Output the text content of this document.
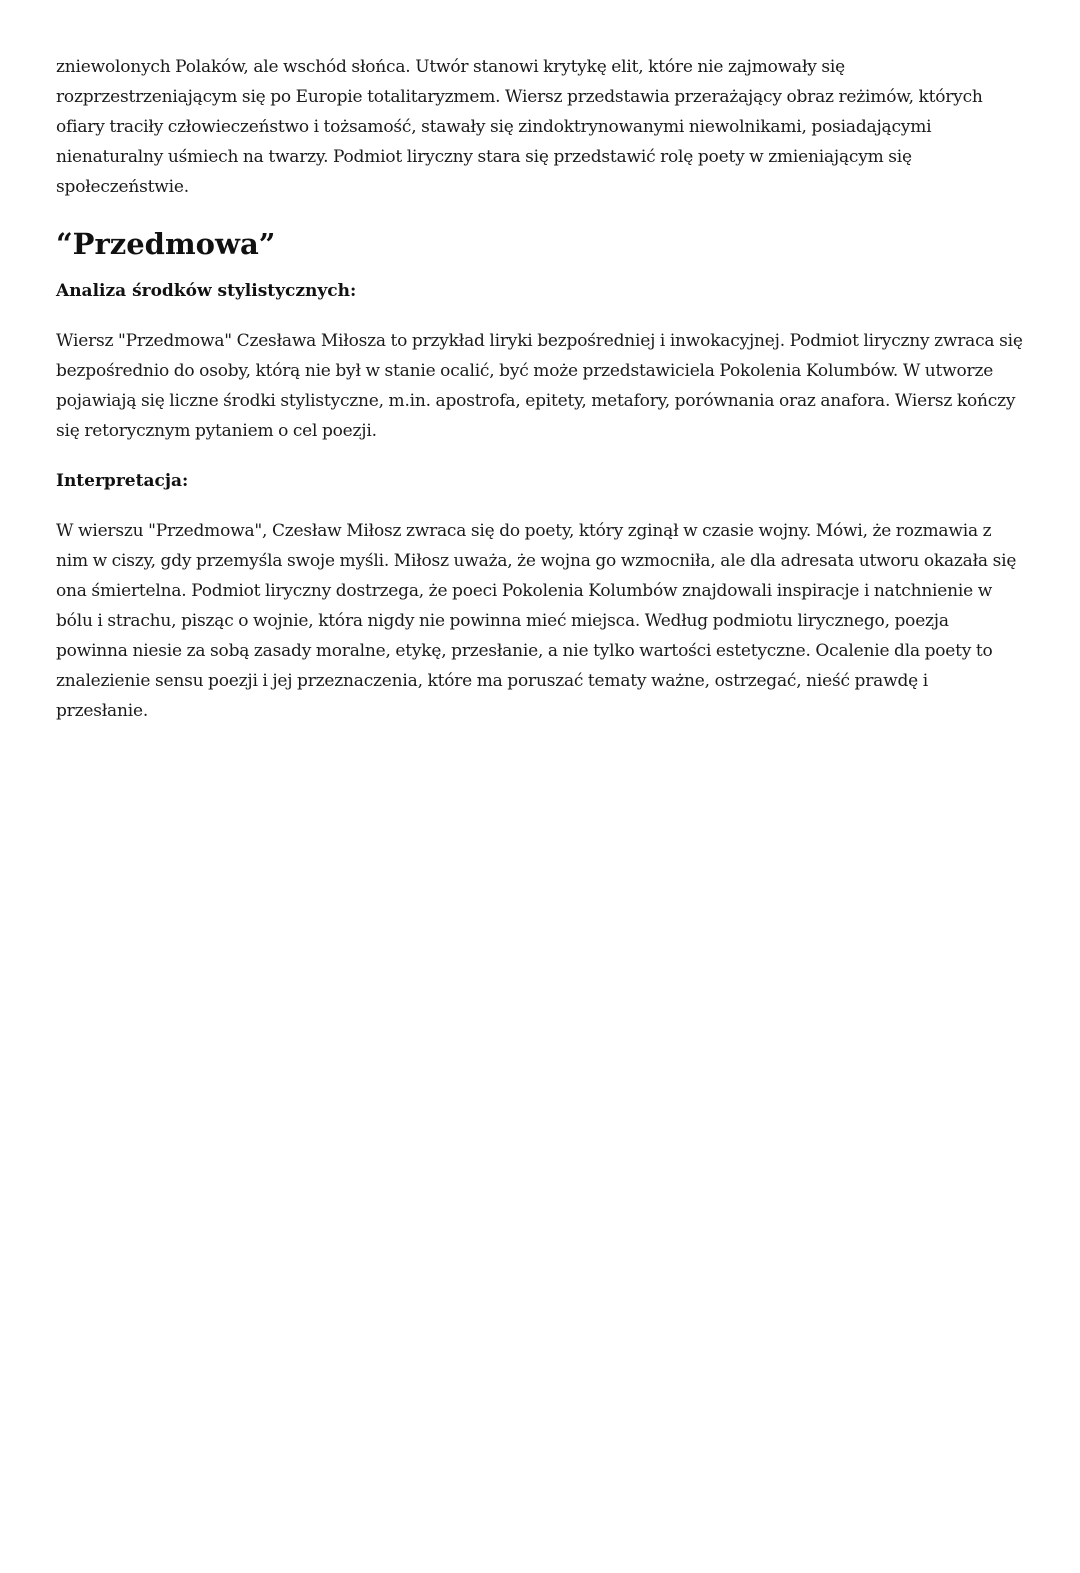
zniewolonych Polaków, ale wschód słońca. Utwór stanowi krytykę elit, które nie zajmowały się rozprzestrzeniającym się po Europie totalitaryzmem. Wiersz przedstawia przerażający obraz reżimów, których ofiary traciły człowieczeństwo i tożsamość, stawały się zindoktrynowanymi niewolnikami, posiadającymi nienaturalny uśmiech na twarzy. Podmiot liryczny stara się przedstawić rolę poety w zmieniającym się społeczeństwie.

“Przedmowa”
Analiza środków stylistycznych:

Wiersz "Przedmowa" Czesława Miłosza to przykład liryki bezpośredniej i inwokacyjnej. Podmiot liryczny zwraca się bezpośrednio do osoby, którą nie był w stanie ocalić, być może przedstawiciela Pokolenia Kolumbów. W utworze pojawiają się liczne środki stylistyczne, m.in. apostrofa, epitety, metafory, porównania oraz anafora. Wiersz kończy się retorycznym pytaniem o cel poezji.

Interpretacja:

W wierszu "Przedmowa", Czesław Miłosz zwraca się do poety, który zginął w czasie wojny. Mówi, że rozmawia z nim w ciszy, gdy przemyśla swoje myśli. Miłosz uważa, że wojna go wzmocniła, ale dla adresata utworu okazała się ona śmiertelna. Podmiot liryczny dostrzega, że poeci Pokolenia Kolumbów znajdowali inspiracje i natchnienie w bólu i strachu, pisząc o wojnie, która nigdy nie powinna mieć miejsca. Według podmiotu lirycznego, poezja powinna niesie za sobą zasady moralne, etykę, przesłanie, a nie tylko wartości estetyczne. Ocalenie dla poety to znalezienie sensu poezji i jej przeznaczenia, które ma poruszać tematy ważne, ostrzegać, nieść prawdę i przesłanie.
